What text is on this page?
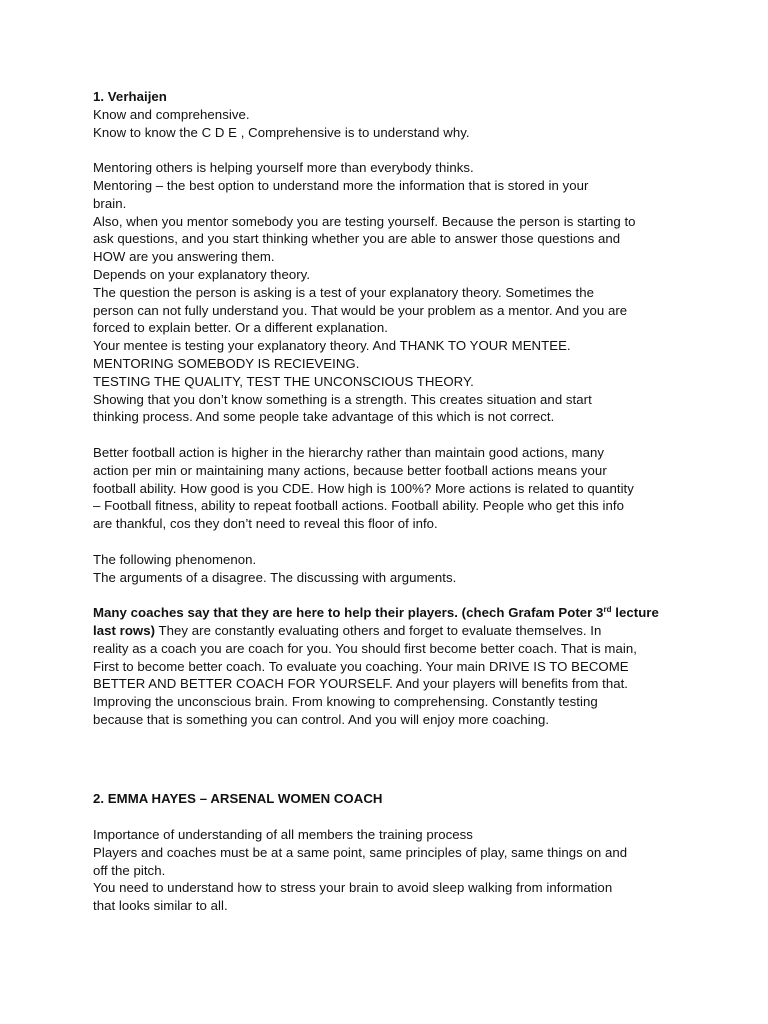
1. Verhaijen
Know and comprehensive.
Know to know the C D E , Comprehensive is to understand why.
Mentoring others is helping yourself more than everybody thinks.
Mentoring – the best option to understand more the information that is stored in your
brain.
Also, when you mentor somebody you are testing yourself. Because the person is starting to
ask questions, and you start thinking whether you are able to answer those questions and
HOW are you answering them.
Depends on your explanatory theory.
The question the person is asking is a test of your explanatory theory. Sometimes the
person can not fully understand you. That would be your problem as a mentor. And you are
forced to explain better. Or a different explanation.
Your mentee is testing your explanatory theory. And THANK TO YOUR MENTEE.
MENTORING SOMEBODY IS RECIEVEING.
TESTING THE QUALITY, TEST THE UNCONSCIOUS THEORY.
Showing that you don’t know something is a strength. This creates situation and start
thinking process. And some people take advantage of this which is not correct.
Better football action is higher in the hierarchy rather than maintain good actions, many
action per min or maintaining many actions, because better football actions means your
football ability. How good is you CDE. How high is 100%? More actions is related to quantity
– Football fitness, ability to repeat football actions. Football ability. People who get this info
are thankful, cos they don’t need to reveal this floor of info.
The following phenomenon.
The arguments of a disagree. The discussing with arguments.
Many coaches say that they are here to help their players. (chech Grafam Poter 3rd lecture
last rows) They are constantly evaluating others and forget to evaluate themselves. In
reality as a coach you are coach for you. You should first become better coach. That is main,
First to become better coach. To evaluate you coaching. Your main DRIVE IS TO BECOME
BETTER AND BETTER COACH FOR YOURSELF. And your players will benefits from that.
Improving the unconscious brain. From knowing to comprehensing. Constantly testing
because that is something you can control. And you will enjoy more coaching.
2. EMMA HAYES – ARSENAL WOMEN COACH
Importance of understanding of all members the training process
Players and coaches must be at a same point, same principles of play, same things on and
off the pitch.
You need to understand how to stress your brain to avoid sleep walking from information
that looks similar to all.
